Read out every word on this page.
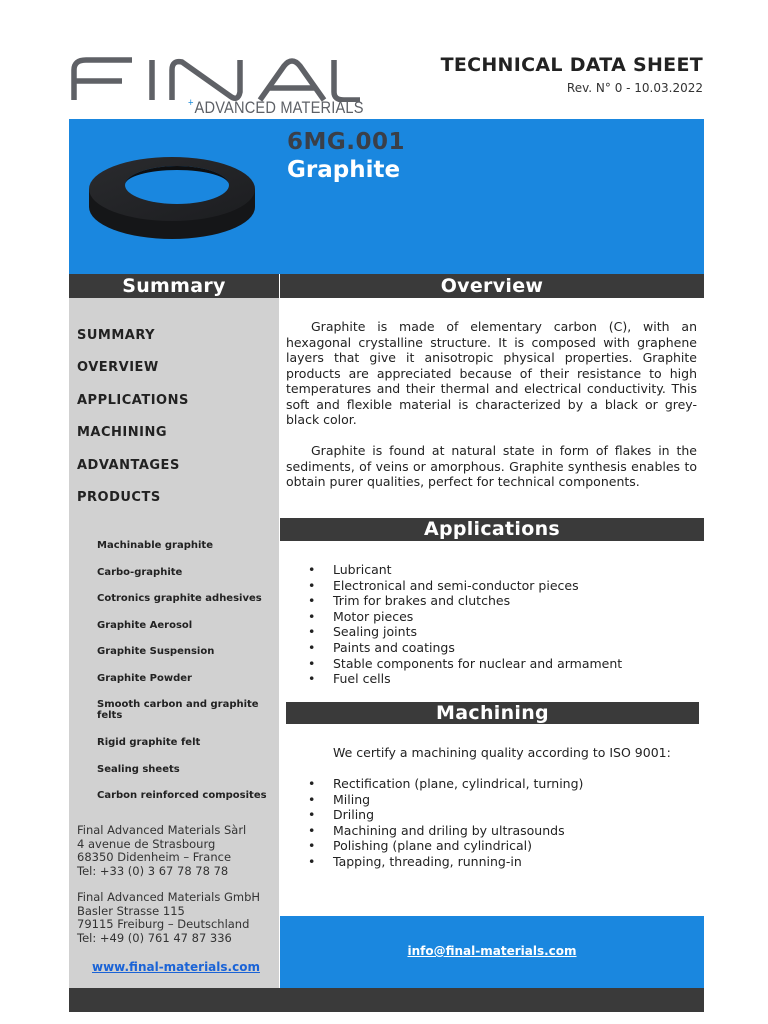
+ADVANCED MATERIALS
TECHNICAL DATA SHEET
Rev. N° 0 - 10.03.2022
6MG.001
Graphite
Summary	Overview
SUMMARY
OVERVIEW
APPLICATIONS
MACHINING
ADVANTAGES
PRODUCTS
Machinable graphite
Carbo-graphite
Cotronics graphite adhesives
Graphite Aerosol
Graphite Suspension
Graphite Powder
Smooth carbon and graphite felts
Rigid graphite felt
Sealing sheets
Carbon reinforced composites
Final Advanced Materials Sàrl
4 avenue de Strasbourg
68350 Didenheim – France
Tel: +33 (0) 3 67 78 78 78
Final Advanced Materials GmbH
Basler Strasse 115
79115 Freiburg – Deutschland
Tel: +49 (0) 761 47 87 336
www.final-materials.com

Graphite is made of elementary carbon (C), with an hexagonal crystalline structure. It is composed with graphene layers that give it anisotropic physical properties. Graphite products are appreciated because of their resistance to high temperatures and their thermal and electrical conductivity. This soft and flexible material is characterized by a black or grey-black color.

Graphite is found at natural state in form of flakes in the sediments, of veins or amorphous. Graphite synthesis enables to obtain purer qualities, perfect for technical components.

Applications
• Lubricant
• Electronical and semi-conductor pieces
• Trim for brakes and clutches
• Motor pieces
• Sealing joints
• Paints and coatings
• Stable components for nuclear and armament
• Fuel cells
Machining
We certify a machining quality according to ISO 9001:
• Rectification (plane, cylindrical, turning)
• Miling
• Driling
• Machining and driling by ultrasounds
• Polishing (plane and cylindrical)
• Tapping, threading, running-in
info@final-materials.com
